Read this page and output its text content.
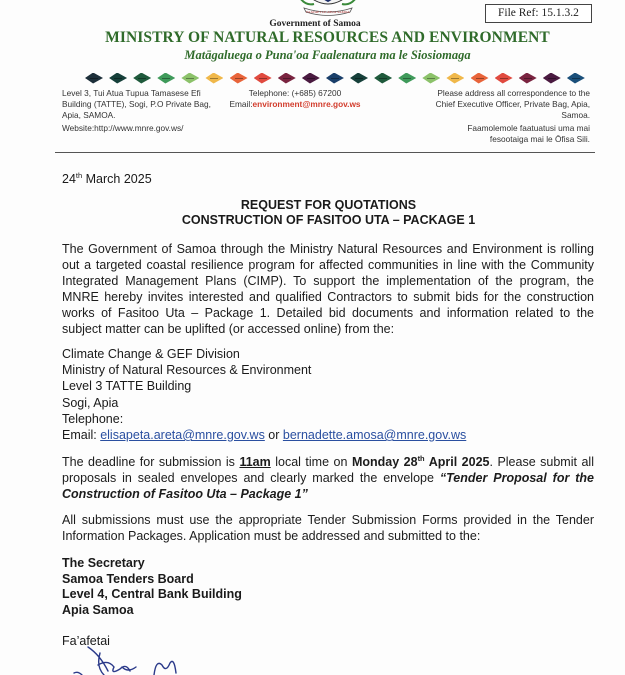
FAAVAE I LE ATUA SAMOA
Government of Samoa
File Ref: 15.1.3.2
MINISTRY OF NATURAL RESOURCES AND ENVIRONMENT
Matāgaluega o Puna'oa Faalenatura ma le Siosiomaga
Level 3, Tui Atua Tupua Tamasese Efi
Building (TATTE), Sogi, P.O Private Bag,
Apia, SAMOA.
Website:http://www.mnre.gov.ws/
Telephone: (+685) 67200
Email:environment@mnre.gov.ws
Please address all correspondence to the
Chief Executive Officer, Private Bag, Apia,
Samoa.
Faamolemole faatuatusi uma mai
fesootaiga mai le Ōfisa Sili.
24th March 2025
REQUEST FOR QUOTATIONS
CONSTRUCTION OF FASITOO UTA – PACKAGE 1
The Government of Samoa through the Ministry Natural Resources and Environment is rolling out a targeted coastal resilience program for affected communities in line with the Community Integrated Management Plans (CIMP). To support the implementation of the program, the MNRE hereby invites interested and qualified Contractors to submit bids for the construction works of Fasitoo Uta – Package 1. Detailed bid documents and information related to the subject matter can be uplifted (or accessed online) from the:
Climate Change & GEF Division
Ministry of Natural Resources & Environment
Level 3 TATTE Building
Sogi, Apia
Telephone:
Email: elisapeta.areta@mnre.gov.ws or bernadette.amosa@mnre.gov.ws
The deadline for submission is 11am local time on Monday 28th April 2025. Please submit all proposals in sealed envelopes and clearly marked the envelope “Tender Proposal for the Construction of Fasitoo Uta – Package 1”
All submissions must use the appropriate Tender Submission Forms provided in the Tender Information Packages. Application must be addressed and submitted to the:
The Secretary
Samoa Tenders Board
Level 4, Central Bank Building
Apia Samoa
Fa’afetai
